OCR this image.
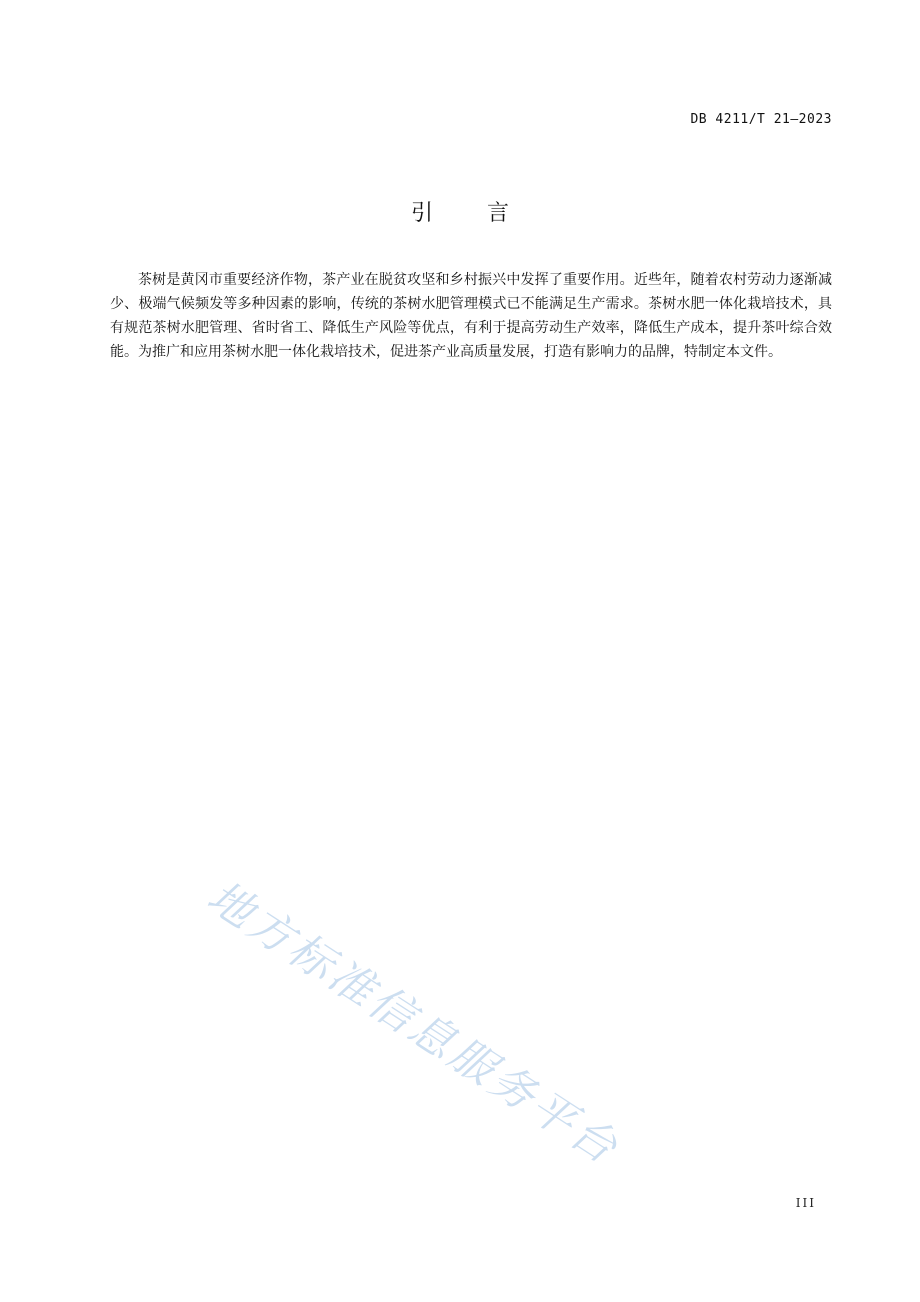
DB 4211/T 21—2023
引言

茶树是黄冈市重要经济作物，茶产业在脱贫攻坚和乡村振兴中发挥了重要作用。近些年，随着农村劳动力逐渐减少、极端气候频发等多种因素的影响，传统的茶树水肥管理模式已不能满足生产需求。茶树水肥一体化栽培技术，具有规范茶树水肥管理、省时省工、降低生产风险等优点，有利于提高劳动生产效率，降低生产成本，提升茶叶综合效能。为推广和应用茶树水肥一体化栽培技术，促进茶产业高质量发展，打造有影响力的品牌，特制定本文件。

地方标准信息服务平台
III
